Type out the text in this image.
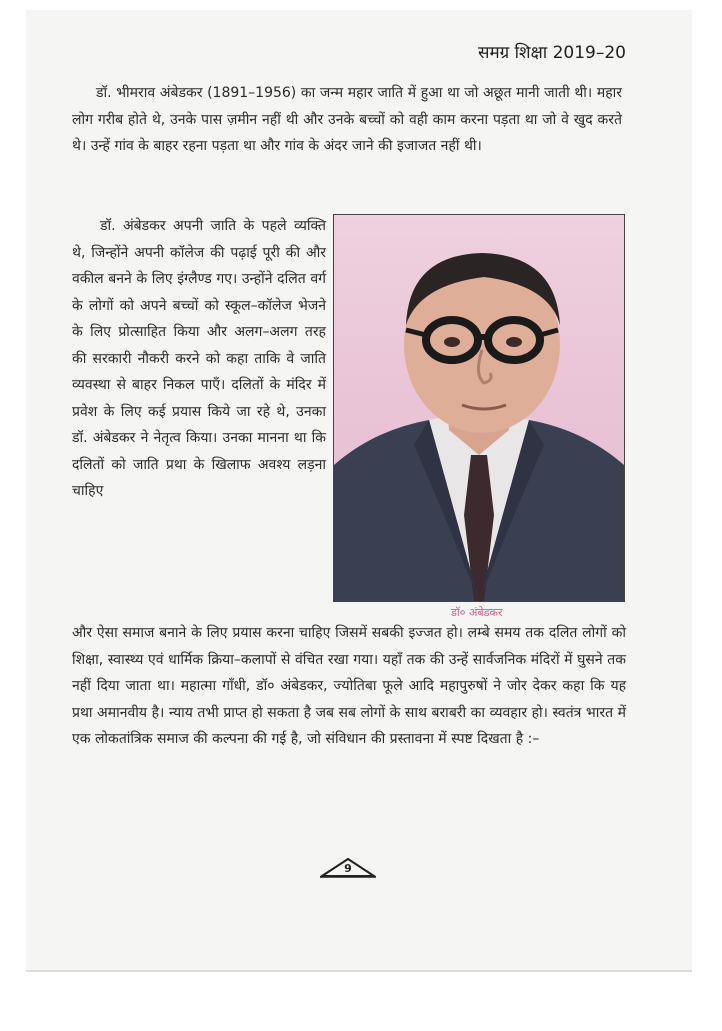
समग्र शिक्षा 2019–20

डॉ. भीमराव अंबेडकर (1891–1956) का जन्म महार जाति में हुआ था जो अछूत मानी जाती थी। महार लोग गरीब होते थे, उनके पास ज़मीन नहीं थी और उनके बच्चों को वही काम करना पड़ता था जो वे खुद करते थे। उन्हें गांव के बाहर रहना पड़ता था और गांव के अंदर जाने की इजाजत नहीं थी।

डॉ. अंबेडकर अपनी जाति के पहले व्यक्ति थे, जिन्होंने अपनी कॉलेज की पढ़ाई पूरी की और वकील बनने के लिए इंग्लैण्ड गए। उन्होंने दलित वर्ग के लोगों को अपने बच्चों को स्कूल–कॉलेज भेजने के लिए प्रोत्साहित किया और अलग–अलग तरह की सरकारी नौकरी करने को कहा ताकि वे जाति व्यवस्था से बाहर निकल पाएँ। दलितों के मंदिर में प्रवेश के लिए कई प्रयास किये जा रहे थे, उनका डॉ. अंबेडकर ने नेतृत्व किया। उनका मानना था कि दलितों को जाति प्रथा के खिलाफ अवश्य लड़ना चाहिए

डॉ० अंबेडकर

और ऐसा समाज बनाने के लिए प्रयास करना चाहिए जिसमें सबकी इज्जत हो। लम्बे समय तक दलित लोगों को शिक्षा, स्वास्थ्य एवं धार्मिक क्रिया–कलापों से वंचित रखा गया। यहाँ तक की उन्हें सार्वजनिक मंदिरों में घुसने तक नहीं दिया जाता था। महात्मा गाँधी, डॉ० अंबेडकर, ज्योतिबा फूले आदि महापुरुषों ने जोर देकर कहा कि यह प्रथा अमानवीय है। न्याय तभी प्राप्त हो सकता है जब सब लोगों के साथ बराबरी का व्यवहार हो। स्वतंत्र भारत में एक लोकतांत्रिक समाज की कल्पना की गई है, जो संविधान की प्रस्तावना में स्पष्ट दिखता है :–

9
